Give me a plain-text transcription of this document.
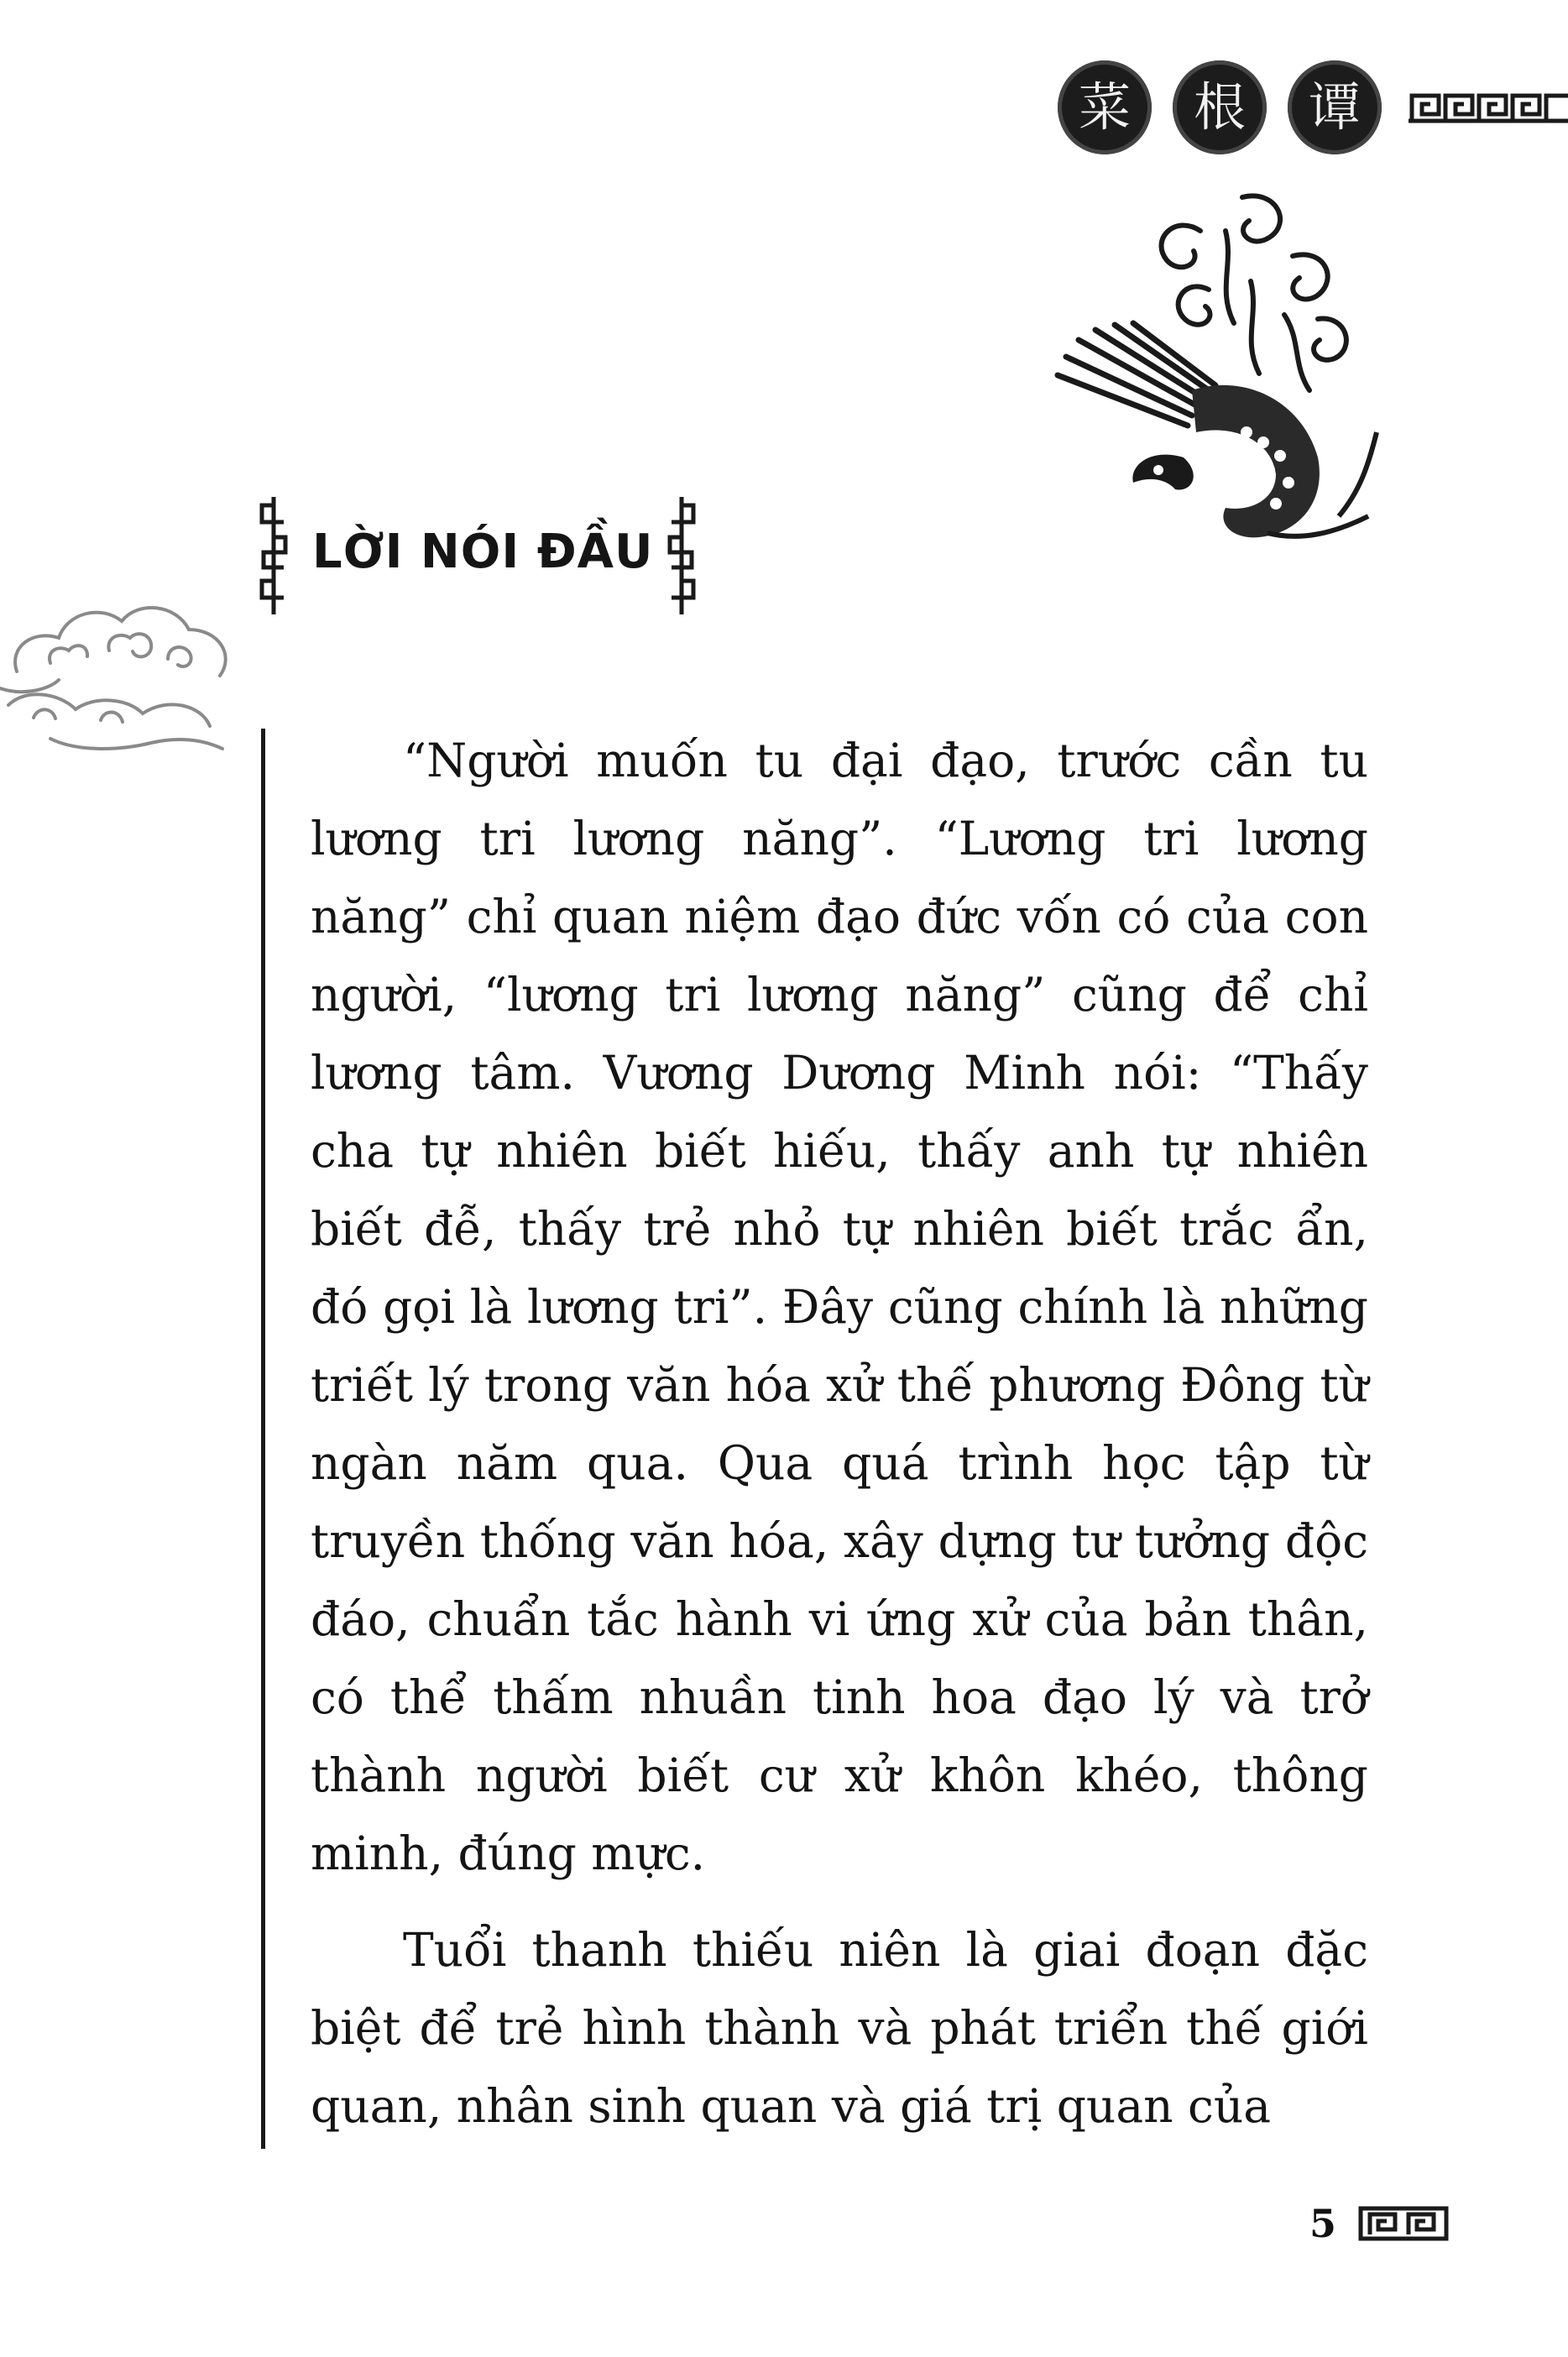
菜 根 谭
LỜI NÓI ĐẦU

“Người muốn tu đại đạo, trước cần tu lương tri lương năng”. “Lương tri lương năng” chỉ quan niệm đạo đức vốn có của con người, “lương tri lương năng” cũng để chỉ lương tâm. Vương Dương Minh nói: “Thấy cha tự nhiên biết hiếu, thấy anh tự nhiên biết đễ, thấy trẻ nhỏ tự nhiên biết trắc ẩn, đó gọi là lương tri”. Đây cũng chính là những triết lý trong văn hóa xử thế phương Đông từ ngàn năm qua. Qua quá trình học tập từ truyền thống văn hóa, xây dựng tư tưởng độc đáo, chuẩn tắc hành vi ứng xử của bản thân, có thể thấm nhuần tinh hoa đạo lý và trở thành người biết cư xử khôn khéo, thông minh, đúng mực.

Tuổi thanh thiếu niên là giai đoạn đặc biệt để trẻ hình thành và phát triển thế giới quan, nhân sinh quan và giá trị quan của

5
